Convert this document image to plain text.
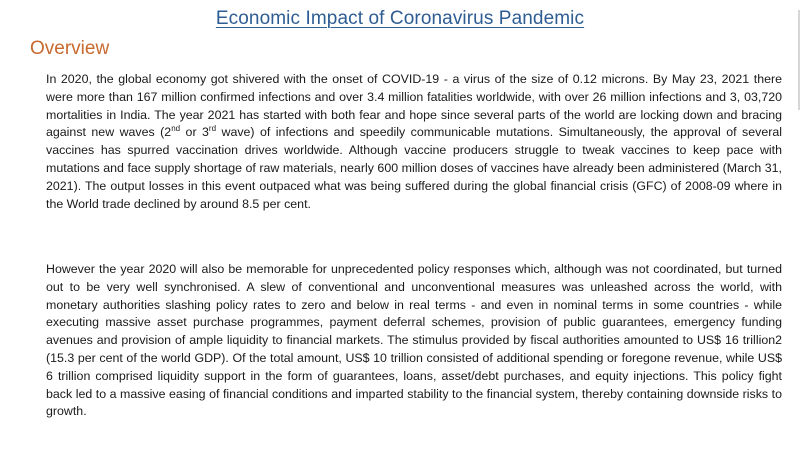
Economic Impact of Coronavirus Pandemic
Overview

In 2020, the global economy got shivered with the onset of COVID-19 - a virus of the size of 0.12 microns. By May 23, 2021 there were more than 167 million confirmed infections and over 3.4 million fatalities worldwide, with over 26 million infections and 3, 03,720 mortalities in India. The year 2021 has started with both fear and hope since several parts of the world are locking down and bracing against new waves (2nd or 3rd wave) of infections and speedily communicable mutations. Simultaneously, the approval of several vaccines has spurred vaccination drives worldwide. Although vaccine producers struggle to tweak vaccines to keep pace with mutations and face supply shortage of raw materials, nearly 600 million doses of vaccines have already been administered (March 31, 2021). The output losses in this event outpaced what was being suffered during the global financial crisis (GFC) of 2008-09 where in the World trade declined by around 8.5 per cent.

However the year 2020 will also be memorable for unprecedented policy responses which, although was not coordinated, but turned out to be very well synchronised. A slew of conventional and unconventional measures was unleashed across the world, with monetary authorities slashing policy rates to zero and below in real terms - and even in nominal terms in some countries - while executing massive asset purchase programmes, payment deferral schemes, provision of public guarantees, emergency funding avenues and provision of ample liquidity to financial markets. The stimulus provided by fiscal authorities amounted to US$ 16 trillion2 (15.3 per cent of the world GDP). Of the total amount, US$ 10 trillion consisted of additional spending or foregone revenue, while US$ 6 trillion comprised liquidity support in the form of guarantees, loans, asset/debt purchases, and equity injections. This policy fight back led to a massive easing of financial conditions and imparted stability to the financial system, thereby containing downside risks to growth.
